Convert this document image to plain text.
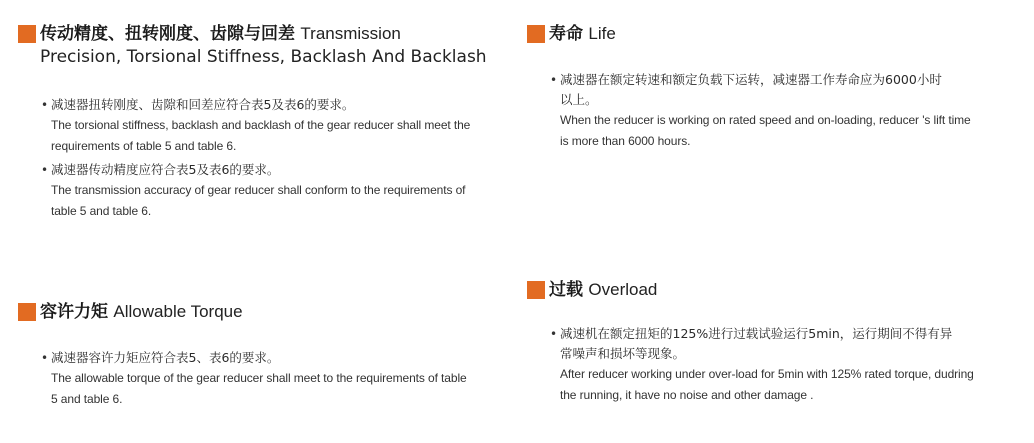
传动精度、扭转刚度、齿隙与回差 Transmission
Precision, Torsional Stiffness, Backlash And Backlash
• 减速器扭转刚度、齿隙和回差应符合表5及表6的要求。
The torsional stiffness, backlash and backlash of the gear reducer shall meet the
requirements of table 5 and table 6.
• 减速器传动精度应符合表5及表6的要求。
The transmission accuracy of gear reducer shall conform to the requirements of
table 5 and table 6.
容许力矩 Allowable Torque
• 减速器容许力矩应符合表5、表6的要求。
The allowable torque of the gear reducer shall meet to the requirements of table
5 and table 6.
寿命 Life
• 减速器在额定转速和额定负载下运转，减速器工作寿命应为6000小时
以上。
When the reducer is working on rated speed and on-loading, reducer 's lift time
is more than 6000 hours.
过载 Overload
• 减速机在额定扭矩的125%进行过载试验运行5min，运行期间不得有异
常噪声和损坏等现象。
After reducer working under over-load for 5min with 125% rated torque, dudring
the running, it have no noise and other damage .
